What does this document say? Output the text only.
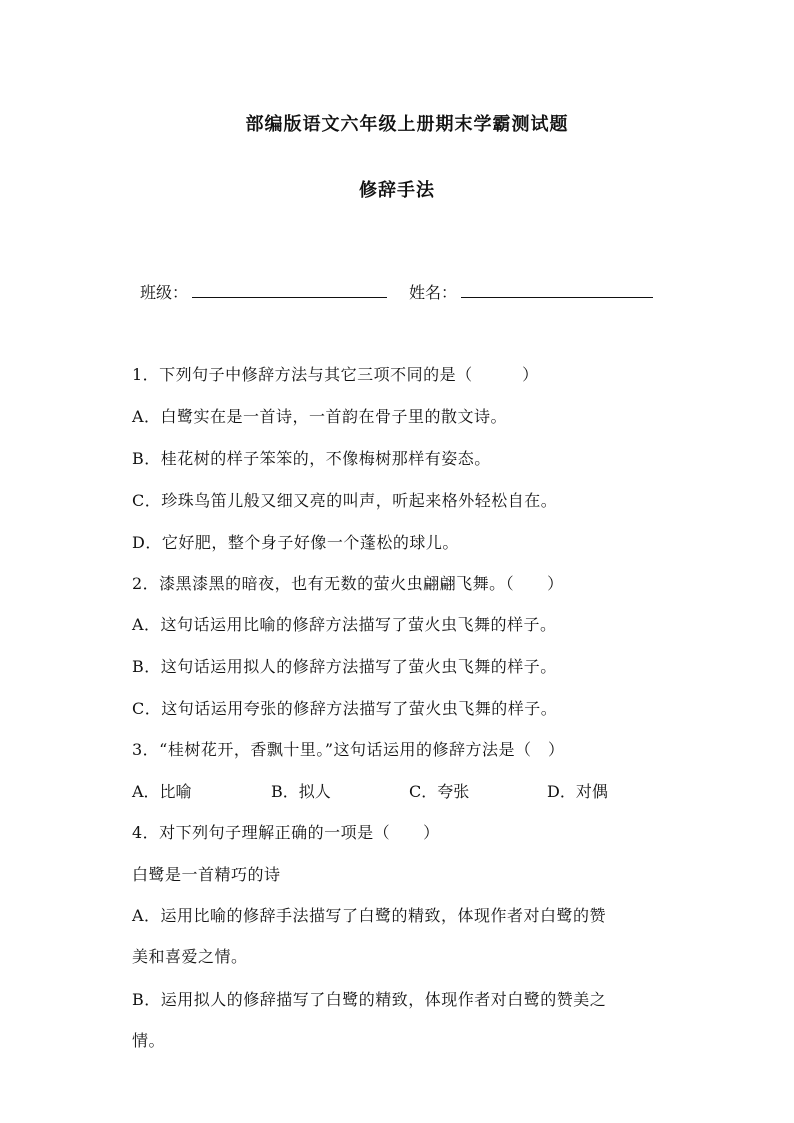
部编版语文六年级上册期末学霸测试题
修辞手法
班级：	姓名：
1．下列句子中修辞方法与其它三项不同的是（　　　）
A．白鹭实在是一首诗，一首韵在骨子里的散文诗。
B．桂花树的样子笨笨的，不像梅树那样有姿态。
C．珍珠鸟笛儿般又细又亮的叫声，听起来格外轻松自在。
D．它好肥，整个身子好像一个蓬松的球儿。
2．漆黑漆黑的暗夜，也有无数的萤火虫翩翩飞舞。（　　）
A．这句话运用比喻的修辞方法描写了萤火虫飞舞的样子。
B．这句话运用拟人的修辞方法描写了萤火虫飞舞的样子。
C．这句话运用夸张的修辞方法描写了萤火虫飞舞的样子。
3．“桂树花开，香飘十里。”这句话运用的修辞方法是（　）
A．比喻	B．拟人	C．夸张	D．对偶
4．对下列句子理解正确的一项是（　　）
白鹭是一首精巧的诗
A．运用比喻的修辞手法描写了白鹭的精致，体现作者对白鹭的赞
美和喜爱之情。
B．运用拟人的修辞描写了白鹭的精致，体现作者对白鹭的赞美之
情。
